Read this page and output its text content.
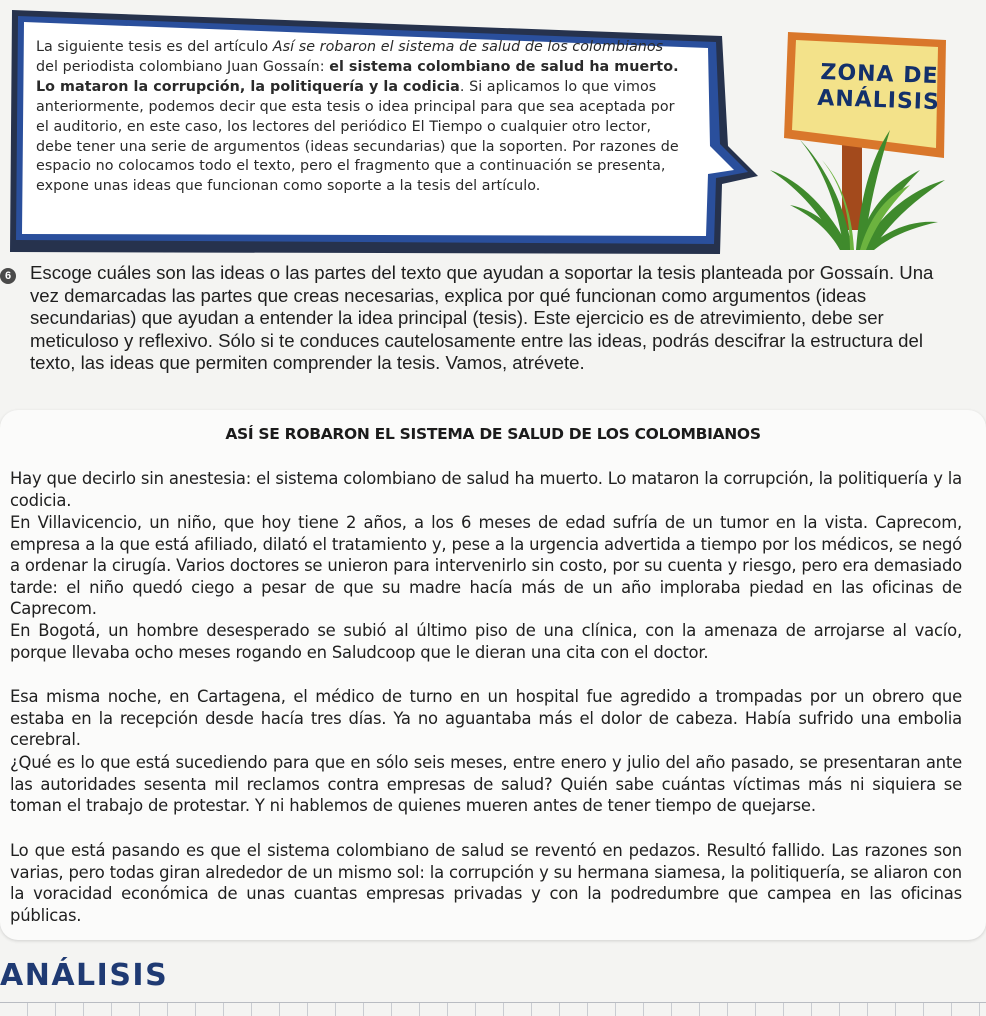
La siguiente tesis es del artículo Así se robaron el sistema de salud de los colombianos del periodista colombiano Juan Gossaín: el sistema colombiano de salud ha muerto. Lo mataron la corrupción, la politiquería y la codicia. Si aplicamos lo que vimos anteriormente, podemos decir que esta tesis o idea principal para que sea aceptada por el auditorio, en este caso, los lectores del periódico El Tiempo o cualquier otro lector, debe tener una serie de argumentos (ideas secundarias) que la soporten. Por razones de espacio no colocamos todo el texto, pero el fragmento que a continuación se presenta, expone unas ideas que funcionan como soporte a la tesis del artículo.
ZONA DE
ANÁLISIS
6 Escoge cuáles son las ideas o las partes del texto que ayudan a soportar la tesis planteada por Gossaín. Una vez demarcadas las partes que creas necesarias, explica por qué funcionan como argumentos (ideas secundarias) que ayudan a entender la idea principal (tesis). Este ejercicio es de atrevimiento, debe ser meticuloso y reflexivo. Sólo si te conduces cautelosamente entre las ideas, podrás descifrar la estructura del texto, las ideas que permiten comprender la tesis. Vamos, atrévete.

ASÍ SE ROBARON EL SISTEMA DE SALUD DE LOS COLOMBIANOS

Hay que decirlo sin anestesia: el sistema colombiano de salud ha muerto. Lo mataron la corrupción, la politiquería y la codicia.

En Villavicencio, un niño, que hoy tiene 2 años, a los 6 meses de edad sufría de un tumor en la vista. Caprecom, empresa a la que está afiliado, dilató el tratamiento y, pese a la urgencia advertida a tiempo por los médicos, se negó a ordenar la cirugía. Varios doctores se unieron para intervenirlo sin costo, por su cuenta y riesgo, pero era demasiado tarde: el niño quedó ciego a pesar de que su madre hacía más de un año imploraba piedad en las oficinas de Caprecom.

En Bogotá, un hombre desesperado se subió al último piso de una clínica, con la amenaza de arrojarse al vacío, porque llevaba ocho meses rogando en Saludcoop que le dieran una cita con el doctor.

Esa misma noche, en Cartagena, el médico de turno en un hospital fue agredido a trompadas por un obrero que estaba en la recepción desde hacía tres días. Ya no aguantaba más el dolor de cabeza. Había sufrido una embolia cerebral.

¿Qué es lo que está sucediendo para que en sólo seis meses, entre enero y julio del año pasado, se presentaran ante las autoridades sesenta mil reclamos contra empresas de salud? Quién sabe cuántas víctimas más ni siquiera se toman el trabajo de protestar. Y ni hablemos de quienes mueren antes de tener tiempo de quejarse.

Lo que está pasando es que el sistema colombiano de salud se reventó en pedazos. Resultó fallido. Las razones son varias, pero todas giran alrededor de un mismo sol: la corrupción y su hermana siamesa, la politiquería, se aliaron con la voracidad económica de unas cuantas empresas privadas y con la podredumbre que campea en las oficinas públicas.

ANÁLISIS
